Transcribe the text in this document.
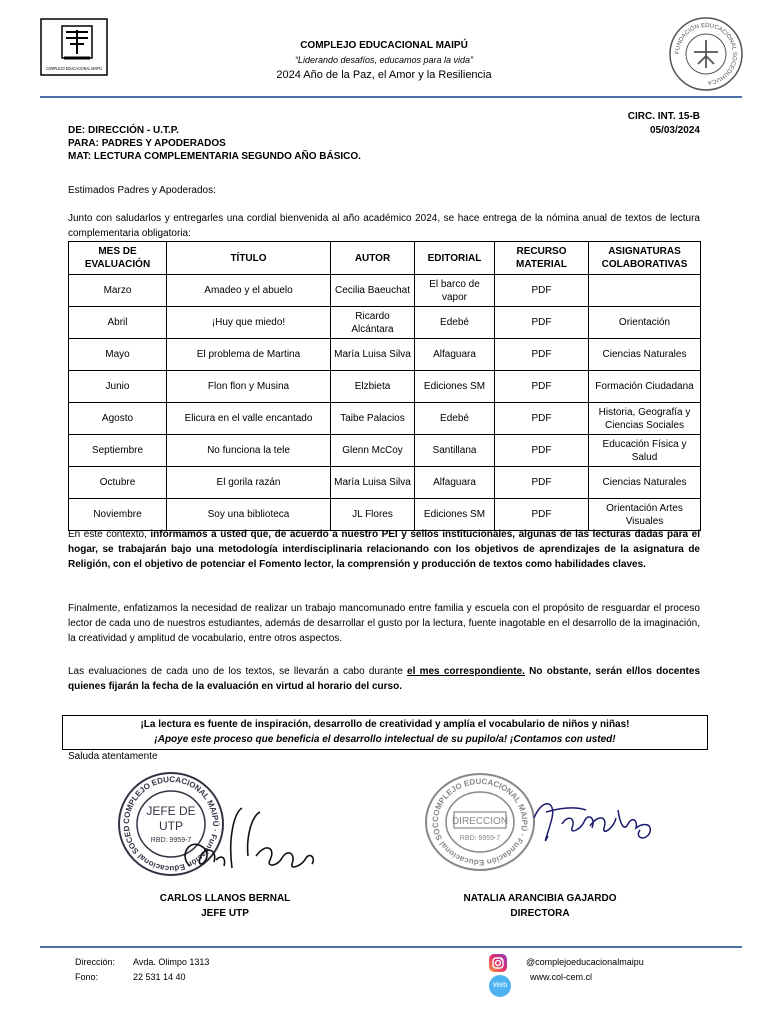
COMPLEJO EDUCACIONAL MAIPÚ
FUNDACIÓN EDUCACIONAL SOCEDUHUCA
COMPLEJO EDUCACIONAL MAIPÚ
“Liderando desafíos, educamos para la vida”
2024 Año de la Paz, el Amor y la Resiliencia
CIRC. INT. 15-B
05/03/2024
DE: DIRECCIÓN - U.T.P.
PARA: PADRES Y APODERADOS
MAT: LECTURA COMPLEMENTARIA SEGUNDO AÑO BÁSICO.
Estimados Padres y Apoderados:
Junto con saludarlos y entregarles una cordial bienvenida al año académico 2024, se hace entrega de la nómina anual de textos de lectura complementaria obligatoria:
MES DE EVALUACIÓN	TÍTULO	AUTOR	EDITORIAL	RECURSO MATERIAL	ASIGNATURAS COLABORATIVAS
Marzo	Amadeo y el abuelo	Cecilia Baeuchat	El barco de vapor	PDF	
Abril	¡Huy que miedo!	Ricardo Alcántara	Edebé	PDF	Orientación
Mayo	El problema de Martina	María Luisa Silva	Alfaguara	PDF	Ciencias Naturales
Junio	Flon flon y Musina	Elzbieta	Ediciones SM	PDF	Formación Ciudadana
Agosto	Elicura en el valle encantado	Taibe Palacios	Edebé	PDF	Historia, Geografía y Ciencias Sociales
Septiembre	No funciona la tele	Glenn McCoy	Santillana	PDF	Educación Física y Salud
Octubre	El gorila razán	María Luisa Silva	Alfaguara	PDF	Ciencias Naturales
Noviembre	Soy una biblioteca	JL Flores	Ediciones SM	PDF	Orientación Artes Visuales
En este contexto, informamos a usted que, de acuerdo a nuestro PEI y sellos institucionales, algunas de las lecturas dadas para el hogar, se trabajarán bajo una metodología interdisciplinaria relacionando con los objetivos de aprendizajes de la asignatura de Religión, con el objetivo de potenciar el Fomento lector, la comprensión y producción de textos como habilidades claves.
Finalmente, enfatizamos la necesidad de realizar un trabajo mancomunado entre familia y escuela con el propósito de resguardar el proceso lector de cada uno de nuestros estudiantes, además de desarrollar el gusto por la lectura, fuente inagotable en el desarrollo de la imaginación, la creatividad y amplitud de vocabulario, entre otros aspectos.
Las evaluaciones de cada uno de los textos, se llevarán a cabo durante el mes correspondiente. No obstante, serán el/los docentes quienes fijarán la fecha de la evaluación en virtud al horario del curso.
¡La lectura es fuente de inspiración, desarrollo de creatividad y amplía el vocabulario de niños y niñas!
¡Apoye este proceso que beneficia el desarrollo intelectual de su pupilo/a! ¡Contamos con usted!
Saluda atentamente
COMPLEJO EDUCACIONAL MAIPÚ · Fundación Educacional SOCED
JEFE DE
UTP
RBD: 9959-7
COMPLEJO EDUCACIONAL MAIPÚ · Fundación Educacional SOC	DIRECCION
RBD: 9959-7
CARLOS LLANOS BERNAL
JEFE UTP
NATALIA ARANCIBIA GAJARDO
DIRECTORA
Dirección: Avda. Olimpo 1313
Fono:	22 531 14 40
Web
@complejoeducacionalmaipu
www.col-cem.cl
